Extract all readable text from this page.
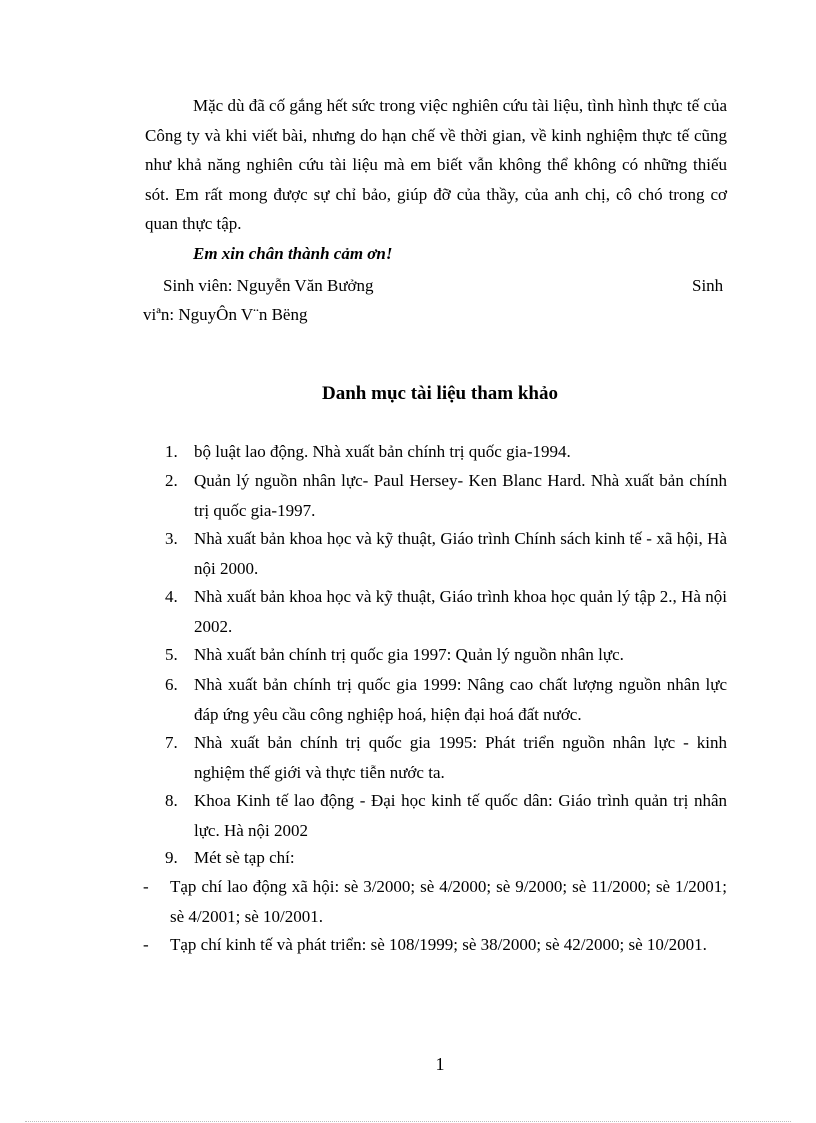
Mặc dù đã cố gắng hết sức trong việc nghiên cứu tài liệu, tình hình thực tế của Công ty và khi viết bài, nhưng do hạn chế về thời gian, về kinh nghiệm thực tế cũng như khả năng nghiên cứu tài liệu mà em biết vẫn không thể không có những thiếu sót. Em rất mong được sự chỉ bảo, giúp đỡ của thầy, của anh chị, cô chó trong cơ quan thực tập.

Em xin chân thành cảm ơn!

Sinh viên: Nguyễn Văn Bưởng	Sinh

viªn: NguyÔn V¨n Bëng

Danh mục tài liệu tham khảo
1. bộ luật lao động. Nhà xuất bản chính trị quốc gia-1994.
2. Quản lý nguồn nhân lực- Paul Hersey- Ken Blanc Hard. Nhà xuất bản chính trị quốc gia-1997.
3. Nhà xuất bản khoa học và kỹ thuật, Giáo trình Chính sách kinh tế - xã hội, Hà nội 2000.
4. Nhà xuất bản khoa học và kỹ thuật, Giáo trình khoa học quản lý tập 2., Hà nội 2002.
5. Nhà xuất bản chính trị quốc gia 1997: Quản lý nguồn nhân lực.
6. Nhà xuất bản chính trị quốc gia 1999: Nâng cao chất lượng nguồn nhân lực đáp ứng yêu cầu công nghiệp hoá, hiện đại hoá đất nước.
7. Nhà xuất bản chính trị quốc gia 1995: Phát triển nguồn nhân lực - kinh nghiệm thế giới và thực tiễn nước ta.
8. Khoa Kinh tế lao động - Đại học kinh tế quốc dân: Giáo trình quản trị nhân lực. Hà nội 2002
9. Mét sè tạp chí:
-	Tạp chí lao động xã hội: sè 3/2000; sè 4/2000; sè 9/2000; sè 11/2000; sè 1/2001; sè 4/2001; sè 10/2001.
-	Tạp chí kinh tế và phát triển: sè 108/1999; sè 38/2000; sè 42/2000; sè 10/2001.

1
